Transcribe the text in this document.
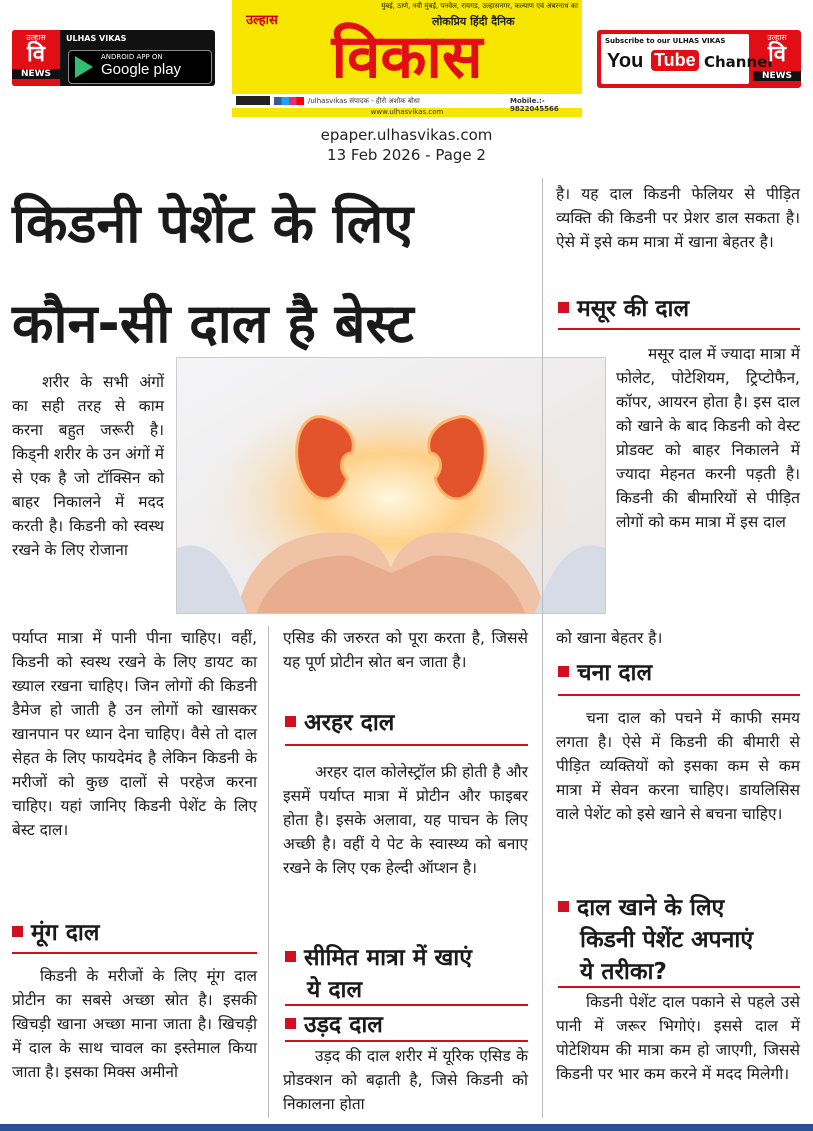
उल्हास
वि
NEWS
ULHAS VIKAS
ANDROID APP ON
Google play
मुंबई, ठाणे, नवी मुंबई, पनवेल, रायगड, उल्हासनगर, कल्याण एवं अंबरनाथ का
लोकप्रिय हिंदी दैनिक
उल्हास
विकास
/ulhasvikas संपादक - हीरो अशोक बोधा	Mobile.:- 9822045566
www.ulhasvikas.com
Subscribe to our ULHAS VIKAS
You Tube Channel
उल्हास
वि
NEWS
epaper.ulhasvikas.com
13 Feb 2026 - Page 2
किडनी पेशेंट के लिए
कौन-सी दाल है बेस्ट
शरीर के सभी अंगों का सही तरह से काम करना बहुत जरूरी है। किड्नी शरीर के उन अंगों में से एक है जो टॉक्सिन को बाहर निकालने में मदद करती है। किडनी को स्वस्थ रखने के लिए रोजाना
पर्याप्त मात्रा में पानी पीना चाहिए। वहीं, किडनी को स्वस्थ रखने के लिए डायट का ख्याल रखना चाहिए। जिन लोगों की किडनी डैमेज हो जाती है उन लोगों को खासकर खानपान पर ध्यान देना चाहिए। वैसे तो दाल सेहत के लिए फायदेमंद है लेकिन किडनी के मरीजों को कुछ दालों से परहेज करना चाहिए। यहां जानिए किडनी पेशेंट के लिए बेस्ट दाल।
मूंग दाल
किडनी के मरीजों के लिए मूंग दाल प्रोटीन का सबसे अच्छा स्रोत है। इसकी खिचड़ी खाना अच्छा माना जाता है। खिचड़ी में दाल के साथ चावल का इस्तेमाल किया जाता है। इसका मिक्स अमीनो
एसिड की जरुरत को पूरा करता है, जिससे यह पूर्ण प्रोटीन स्रोत बन जाता है।
अरहर दाल
अरहर दाल कोलेस्ट्रॉल फ्री होती है और इसमें पर्याप्त मात्रा में प्रोटीन और फाइबर होता है। इसके अलावा, यह पाचन के लिए अच्छी है। वहीं ये पेट के स्वास्थ्य को बनाए रखने के लिए एक हेल्दी ऑप्शन है।
सीमित मात्रा में खाएं
ये दाल
उड़द दाल
उड़द की दाल शरीर में यूरिक एसिड के प्रोडक्शन को बढ़ाती है, जिसे किडनी को निकालना होता
है। यह दाल किडनी फेलियर से पीड़ित व्यक्ति की किडनी पर प्रेशर डाल सकता है। ऐसे में इसे कम मात्रा में खाना बेहतर है।
मसूर की दाल
मसूर दाल में ज्यादा मात्रा में फोलेट, पोटेशियम, ट्रिप्टोफैन, कॉपर, आयरन होता है। इस दाल को खाने के बाद किडनी को वेस्ट प्रोडक्ट को बाहर निकालने में ज्यादा मेहनत करनी पड़ती है। किडनी की बीमारियों से पीड़ित लोगों को कम मात्रा में इस दाल
को खाना बेहतर है।
चना दाल
चना दाल को पचने में काफी समय लगता है। ऐसे में किडनी की बीमारी से पीड़ित व्यक्तियों को इसका कम से कम मात्रा में सेवन करना चाहिए। डायलिसिस वाले पेशेंट को इसे खाने से बचना चाहिए।
दाल खाने के लिए
किडनी पेशेंट अपनाएं
ये तरीका?
किडनी पेशेंट दाल पकाने से पहले उसे पानी में जरूर भिगोएं। इससे दाल में पोटेशियम की मात्रा कम हो जाएगी, जिससे किडनी पर भार कम करने में मदद मिलेगी।
